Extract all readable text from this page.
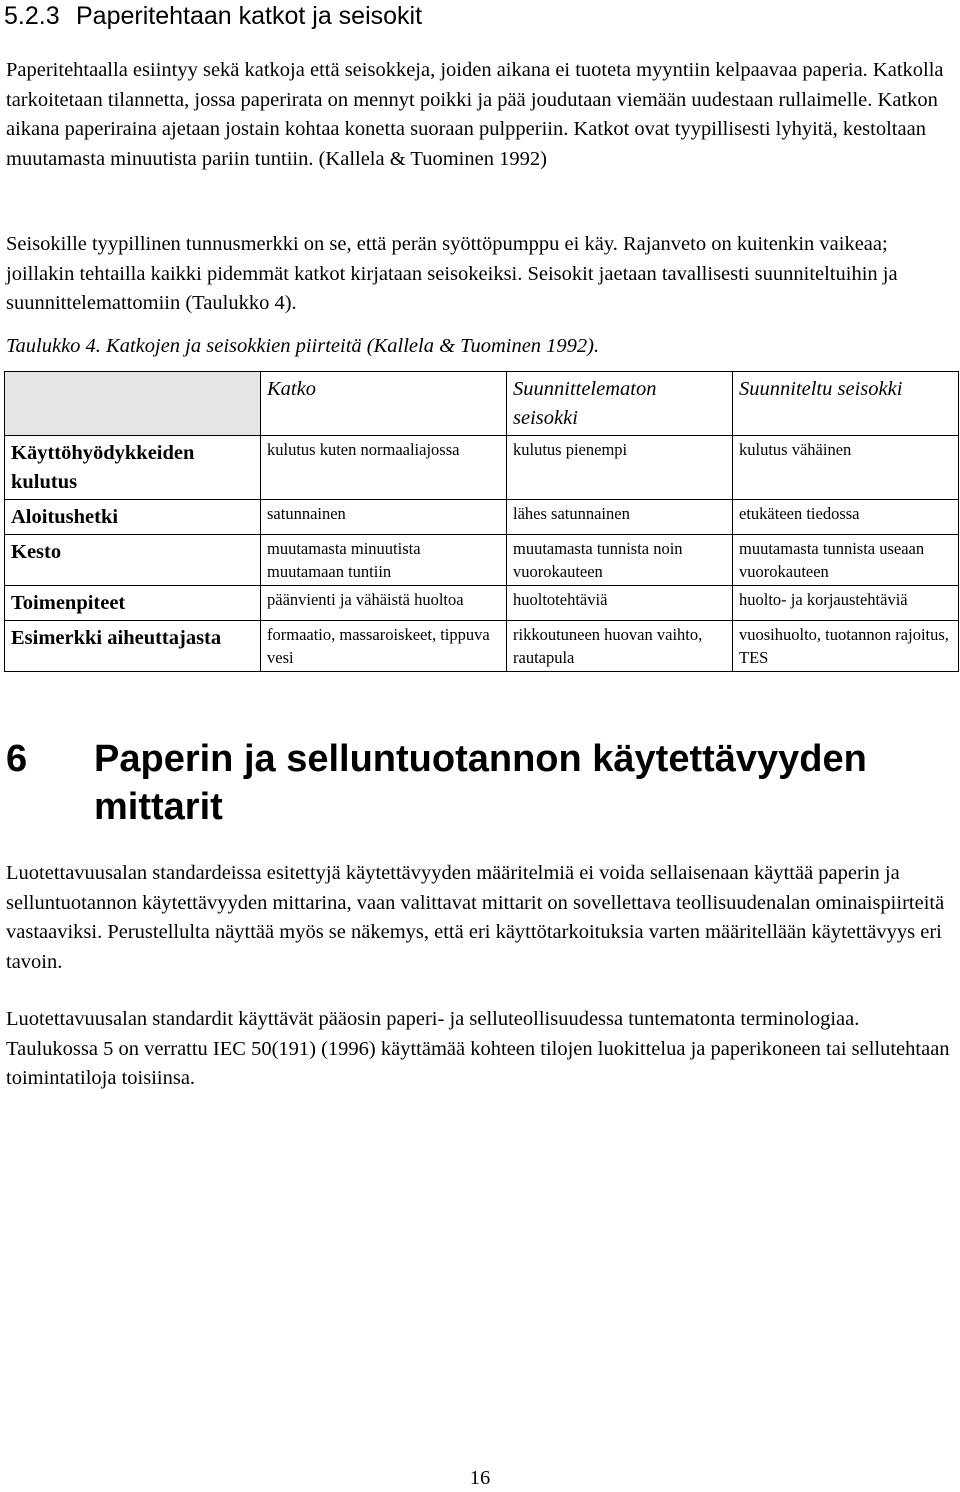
5.2.3 Paperitehtaan katkot ja seisokit

Paperitehtaalla esiintyy sekä katkoja että seisokkeja, joiden aikana ei tuoteta myyntiin kelpaavaa paperia. Katkolla tarkoitetaan tilannetta, jossa paperirata on mennyt poikki ja pää joudutaan viemään uudestaan rullaimelle. Katkon aikana paperiraina ajetaan jostain kohtaa konetta suoraan pulpperiin. Katkot ovat tyypillisesti lyhyitä, kestoltaan muutamasta minuutista pariin tuntiin. (Kallela & Tuominen 1992)

Seisokille tyypillinen tunnusmerkki on se, että perän syöttöpumppu ei käy. Rajanveto on kuitenkin vaikeaa; joillakin tehtailla kaikki pidemmät katkot kirjataan seisokeiksi. Seisokit jaetaan tavallisesti suunniteltuihin ja suunnittelemattomiin (Taulukko 4).

Taulukko 4. Katkojen ja seisokkien piirteitä (Kallela & Tuominen 1992).

	Katko	Suunnittelematon seisokki	Suunniteltu seisokki
Käyttöhyödykkeiden kulutus	kulutus kuten normaaliajossa	kulutus pienempi	kulutus vähäinen
Aloitushetki	satunnainen	lähes satunnainen	etukäteen tiedossa
Kesto	muutamasta minuutista muutamaan tuntiin	muutamasta tunnista noin vuorokauteen	muutamasta tunnista useaan vuorokauteen
Toimenpiteet	päänvienti ja vähäistä huoltoa	huoltotehtäviä	huolto- ja korjaustehtäviä
Esimerkki aiheuttajasta	formaatio, massaroiskeet, tippuva vesi	rikkoutuneen huovan vaihto, rautapula	vuosihuolto, tuotannon rajoitus, TES
6 Paperin ja selluntuotannon käytettävyyden mittarit

Luotettavuusalan standardeissa esitettyjä käytettävyyden määritelmiä ei voida sellaisenaan käyttää paperin ja selluntuotannon käytettävyyden mittarina, vaan valittavat mittarit on sovellettava teollisuudenalan ominaispiirteitä vastaaviksi. Perustellulta näyttää myös se näkemys, että eri käyttötarkoituksia varten määritellään käytettävyys eri tavoin.

Luotettavuusalan standardit käyttävät pääosin paperi- ja selluteollisuudessa tuntematonta terminologiaa. Taulukossa 5 on verrattu IEC 50(191) (1996) käyttämää kohteen tilojen luokittelua ja paperikoneen tai sellutehtaan toimintatiloja toisiinsa.

16
